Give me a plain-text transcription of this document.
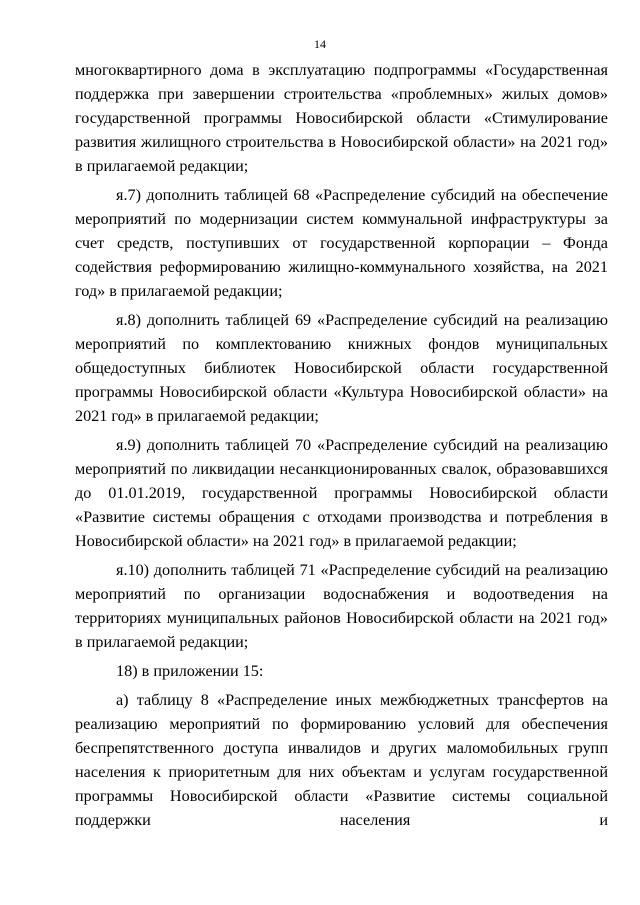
14

многоквартирного дома в эксплуатацию подпрограммы «Государственная поддержка при завершении строительства «проблемных» жилых домов» государственной программы Новосибирской области «Стимулирование развития жилищного строительства в Новосибирской области» на 2021 год» в прилагаемой редакции;

я.7) дополнить таблицей 68 «Распределение субсидий на обеспечение мероприятий по модернизации систем коммунальной инфраструктуры за счет средств, поступивших от государственной корпорации – Фонда содействия реформированию жилищно-коммунального хозяйства, на 2021 год» в прилагаемой редакции;

я.8) дополнить таблицей 69 «Распределение субсидий на реализацию мероприятий по комплектованию книжных фондов муниципальных общедоступных библиотек Новосибирской области государственной программы Новосибирской области «Культура Новосибирской области» на 2021 год» в прилагаемой редакции;

я.9) дополнить таблицей 70 «Распределение субсидий на реализацию мероприятий по ликвидации несанкционированных свалок, образовавшихся до 01.01.2019, государственной программы Новосибирской области «Развитие системы обращения с отходами производства и потребления в Новосибирской области» на 2021 год» в прилагаемой редакции;

я.10) дополнить таблицей 71 «Распределение субсидий на реализацию мероприятий по организации водоснабжения и водоотведения на территориях муниципальных районов Новосибирской области на 2021 год» в прилагаемой редакции;

18) в приложении 15:

а) таблицу 8 «Распределение иных межбюджетных трансфертов на реализацию мероприятий по формированию условий для обеспечения беспрепятственного доступа инвалидов и других маломобильных групп населения к приоритетным для них объектам и услугам государственной программы Новосибирской области «Развитие системы социальной поддержки населения и
